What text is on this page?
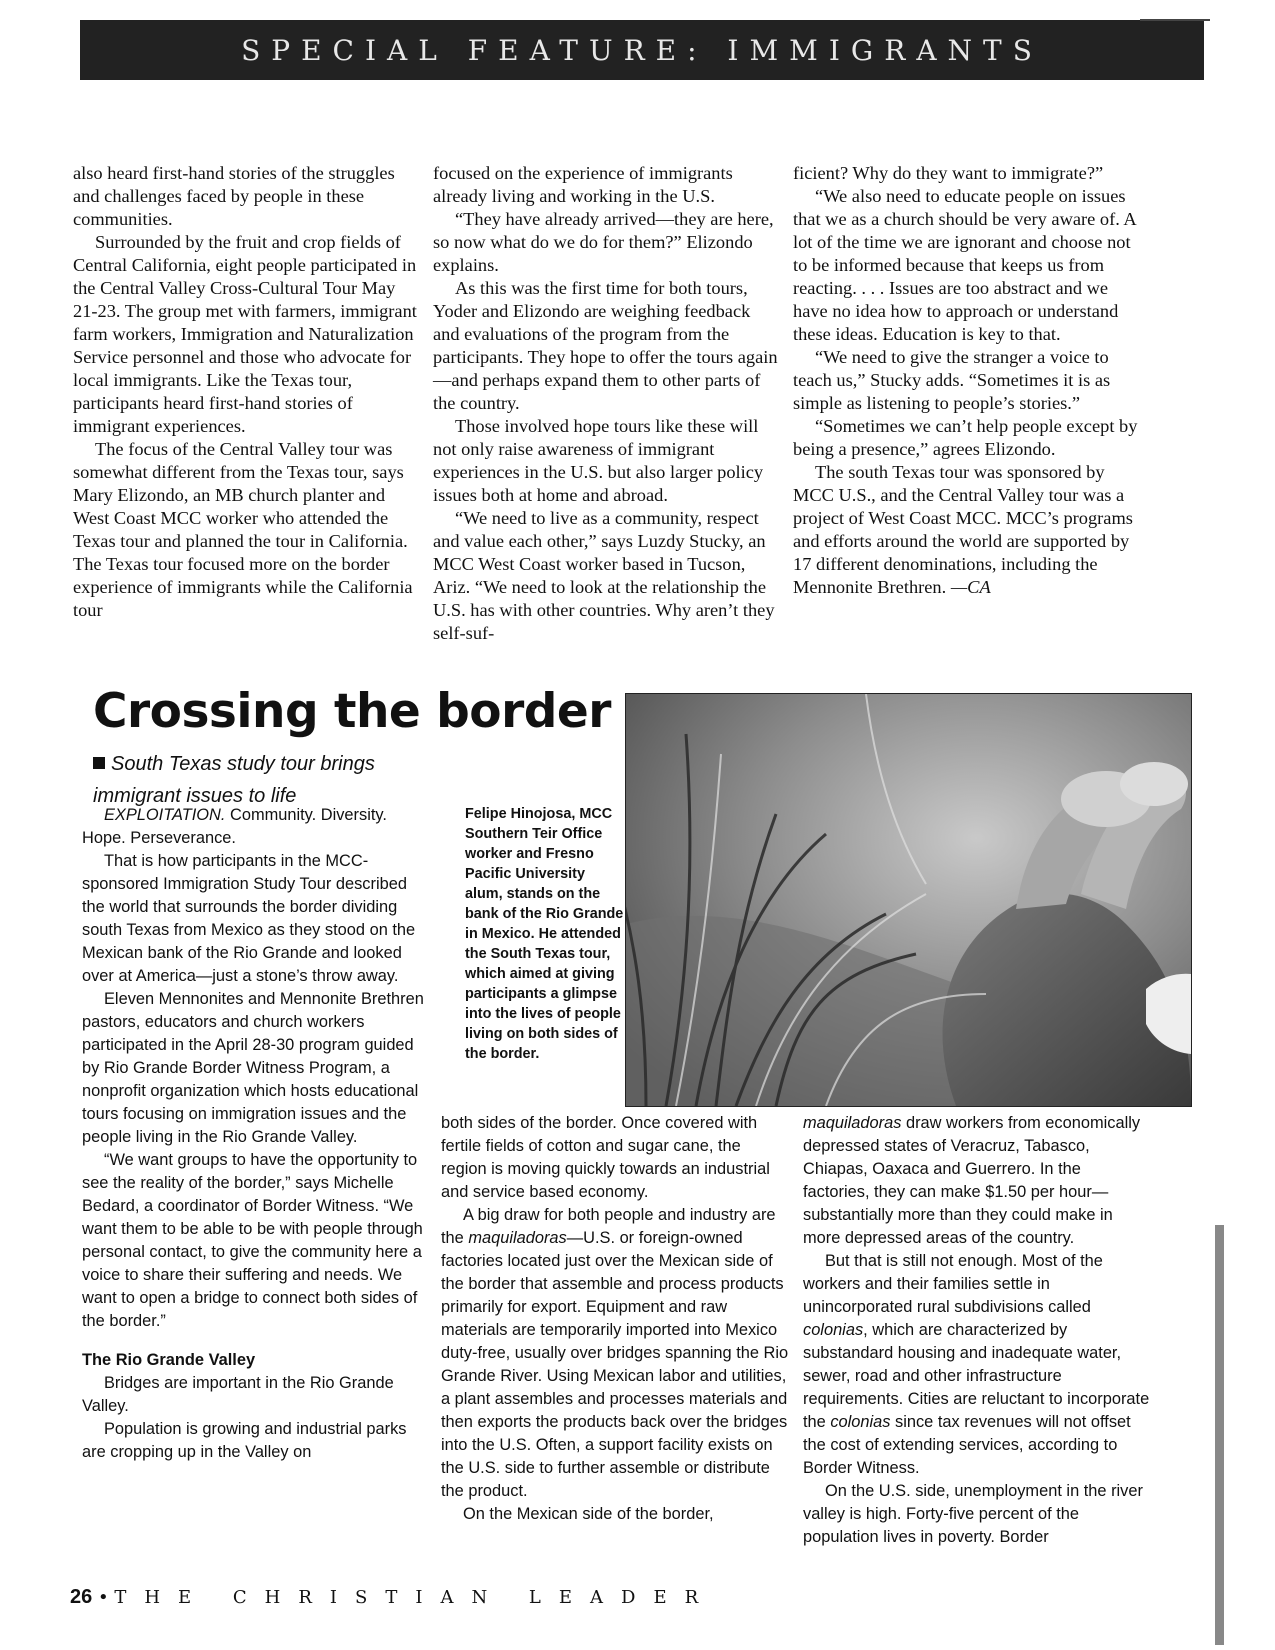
SPECIAL FEATURE: IMMIGRANTS

also heard first-hand stories of the struggles and challenges faced by people in these communities.

Surrounded by the fruit and crop fields of Central California, eight people participated in the Central Valley Cross-Cultural Tour May 21-23. The group met with farmers, immigrant farm workers, Immigration and Naturalization Service personnel and those who advocate for local immigrants. Like the Texas tour, participants heard first-hand stories of immigrant experiences.

The focus of the Central Valley tour was somewhat different from the Texas tour, says Mary Elizondo, an MB church planter and West Coast MCC worker who attended the Texas tour and planned the tour in California. The Texas tour focused more on the border experience of immigrants while the California tour

focused on the experience of immigrants already living and working in the U.S.

“They have already arrived—they are here, so now what do we do for them?” Elizondo explains.

As this was the first time for both tours, Yoder and Elizondo are weighing feedback and evaluations of the program from the participants. They hope to offer the tours again—and perhaps expand them to other parts of the country.

Those involved hope tours like these will not only raise awareness of immigrant experiences in the U.S. but also larger policy issues both at home and abroad.

“We need to live as a community, respect and value each other,” says Luzdy Stucky, an MCC West Coast worker based in Tucson, Ariz. “We need to look at the relationship the U.S. has with other countries. Why aren’t they self-suf-

ficient? Why do they want to immigrate?”

“We also need to educate people on issues that we as a church should be very aware of. A lot of the time we are ignorant and choose not to be informed because that keeps us from reacting. . . . Issues are too abstract and we have no idea how to approach or understand these ideas. Education is key to that.

“We need to give the stranger a voice to teach us,” Stucky adds. “Sometimes it is as simple as listening to people’s stories.”

“Sometimes we can’t help people except by being a presence,” agrees Elizondo.

The south Texas tour was sponsored by MCC U.S., and the Central Valley tour was a project of West Coast MCC. MCC’s programs and efforts around the world are supported by 17 different denominations, including the Mennonite Brethren. —CA

Crossing the border
South Texas study tour brings immigrant issues to life
Felipe Hinojosa, MCC Southern Teir Office worker and Fresno Pacific University alum, stands on the bank of the Rio Grande in Mexico. He attended the South Texas tour, which aimed at giving participants a glimpse into the lives of people living on both sides of the border.

EXPLOITATION. Community. Diversity. Hope. Perseverance.

That is how participants in the MCC-sponsored Immigration Study Tour described the world that surrounds the border dividing south Texas from Mexico as they stood on the Mexican bank of the Rio Grande and looked over at America—just a stone’s throw away.

Eleven Mennonites and Mennonite Brethren pastors, educators and church workers participated in the April 28-30 program guided by Rio Grande Border Witness Program, a nonprofit organization which hosts educational tours focusing on immigration issues and the people living in the Rio Grande Valley.

“We want groups to have the opportunity to see the reality of the border,” says Michelle Bedard, a coordinator of Border Witness. “We want them to be able to be with people through personal contact, to give the community here a voice to share their suffering and needs. We want to open a bridge to connect both sides of the border.”

The Rio Grande Valley

Bridges are important in the Rio Grande Valley.

Population is growing and industrial parks are cropping up in the Valley on

both sides of the border. Once covered with fertile fields of cotton and sugar cane, the region is moving quickly towards an industrial and service based economy.

A big draw for both people and industry are the maquiladoras—U.S. or foreign-owned factories located just over the Mexican side of the border that assemble and process products primarily for export. Equipment and raw materials are temporarily imported into Mexico duty-free, usually over bridges spanning the Rio Grande River. Using Mexican labor and utilities, a plant assembles and processes materials and then exports the products back over the bridges into the U.S. Often, a support facility exists on the U.S. side to further assemble or distribute the product.

On the Mexican side of the border,

maquiladoras draw workers from economically depressed states of Veracruz, Tabasco, Chiapas, Oaxaca and Guerrero. In the factories, they can make $1.50 per hour—substantially more than they could make in more depressed areas of the country.

But that is still not enough. Most of the workers and their families settle in unincorporated rural subdivisions called colonias, which are characterized by substandard housing and inadequate water, sewer, road and other infrastructure requirements. Cities are reluctant to incorporate the colonias since tax revenues will not offset the cost of extending services, according to Border Witness.

On the U.S. side, unemployment in the river valley is high. Forty-five percent of the population lives in poverty. Border

26 • THE CHRISTIAN LEADER
